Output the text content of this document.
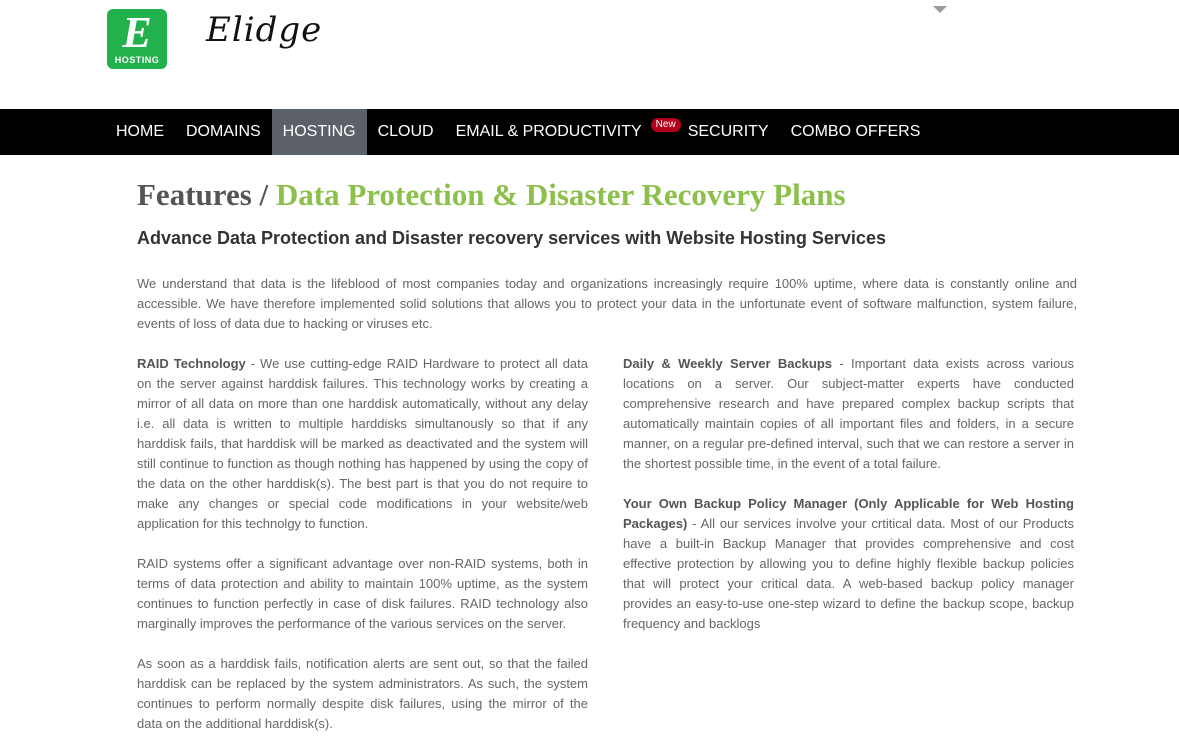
E
HOSTING
Elidge
HOME	DOMAINS	HOSTING	CLOUD	EMAIL & PRODUCTIVITY	New SECURITY	COMBO OFFERS
Features / Data Protection & Disaster Recovery Plans
Advance Data Protection and Disaster recovery services with Website Hosting Services

We understand that data is the lifeblood of most companies today and organizations increasingly require 100% uptime, where data is constantly online and accessible. We have therefore implemented solid solutions that allows you to protect your data in the unfortunate event of software malfunction, system failure, events of loss of data due to hacking or viruses etc.

RAID Technology - We use cutting-edge RAID Hardware to protect all data on the server against harddisk failures. This technology works by creating a mirror of all data on more than one harddisk automatically, without any delay i.e. all data is written to multiple harddisks simultanously so that if any harddisk fails, that harddisk will be marked as deactivated and the system will still continue to function as though nothing has happened by using the copy of the data on the other harddisk(s). The best part is that you do not require to make any changes or special code modifications in your website/web application for this technolgy to function.

RAID systems offer a significant advantage over non-RAID systems, both in terms of data protection and ability to maintain 100% uptime, as the system continues to function perfectly in case of disk failures. RAID technology also marginally improves the performance of the various services on the server.

As soon as a harddisk fails, notification alerts are sent out, so that the failed harddisk can be replaced by the system administrators. As such, the system continues to perform normally despite disk failures, using the mirror of the data on the additional harddisk(s).

Daily & Weekly Server Backups - Important data exists across various locations on a server. Our subject-matter experts have conducted comprehensive research and have prepared complex backup scripts that automatically maintain copies of all important files and folders, in a secure manner, on a regular pre-defined interval, such that we can restore a server in the shortest possible time, in the event of a total failure.

Your Own Backup Policy Manager (Only Applicable for Web Hosting Packages) - All our services involve your crtitical data. Most of our Products have a built-in Backup Manager that provides comprehensive and cost effective protection by allowing you to define highly flexible backup policies that will protect your critical data. A web-based backup policy manager provides an easy-to-use one-step wizard to define the backup scope, backup frequency and backlogs
